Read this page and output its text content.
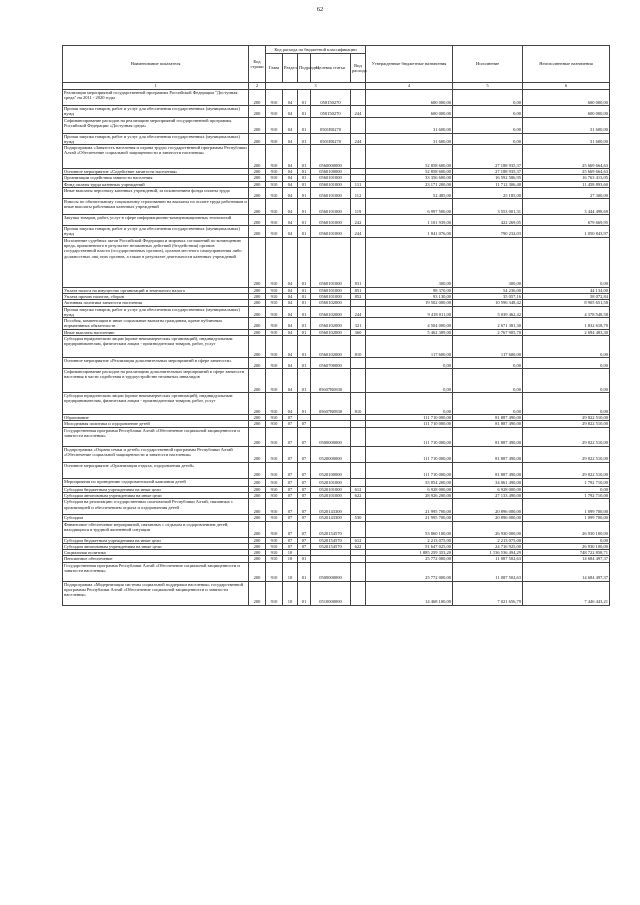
62
Наименование показателя	Код строки	Код расхода по бюджетной классификации					Утвержденные бюджетные назначения	Исполнение	Неисполненные назначения
		Глава	Раздел	Подраздел	Целевая статья	Вид расхода			
1	2	3					4	5	6
Реализация мероприятий государственной программы Российской Федерации "Доступная среда" на 2011 - 2020 годы	200	910	04	01	050150270		600 000,00	0,00	600 000,00
Прочая закупка товаров, работ и услуг для обеспечения государственных (муниципальных) нужд	200	910	04	01	050150270	244	600 000,00	0,00	600 000,00
Софинансирование расходов на реализацию мероприятий государственной программы Российской Федерации «Доступная среда»	200	910	04	01	0501R0270		31 600,00	0,00	31 600,00
Прочая закупка товаров, работ и услуг для обеспечения государственных (муниципальных) нужд	200	910	04	01	0501R0270	244	31 600,00	0,00	31 600,00
Подпрограмма «Занятость населения и охрана труда» государственной программы Республики Алтай «Обеспечение социальной защищенности и занятости населения»	200	910	04	01	0560000000		52 858 600,00	27 188 935,37	25 669 664,63
Основное мероприятие «Содействие занятости населения»	200	910	04	01	0560100000		52 858 600,00	27 188 935,37	25 669 664,63
Организации содействия занятости населения	200	910	04	01	0560101000		33 356 600,00	16 592 586,95	16 763 413,05
Фонд оплаты труда казенных учреждений	200	910	04	01	0560101000	111	23 171 200,00	11 712 306,40	11 458 893,60
Иные выплаты персоналу казенных учреждений, за исключением фонда оплаты труда	200	910	04	01	0560101000	112	52 485,00	25 185,00	27 300,00
Взносы по обязательному социальному страхованию на выплаты по оплате труда работников и иные выплаты работникам казенных учреждений	200	910	04	01	0560101000	119	6 997 500,00	3 553 001,31	3 444 498,69
Закупка товаров, работ, услуг в сфере информационно-коммуникационных технологий	200	910	04	01	0560101000	242	1 101 939,00	422 269,05	679 669,95
Прочая закупка товаров, работ и услуг для обеспечения государственных (муниципальных) нужд	200	910	04	01	0560101000	244	1 841 076,00	790 232,03	1 050 843,97
Исполнение судебных актов Российской Федерации и мировых соглашений по возмещению вреда, причиненного в результате незаконных действий (бездействия) органов государственной власти (государственных органов), органов местного самоуправления либо должностных лиц этих органов, а также в результате деятельности казенных учреждений	200	910	04	01	0560101000	831	300,00	300,00	0,00
Уплата налога на имущество организаций и земельного налога	200	910	04	01	0560101000	851	98 370,00	54 236,00	44 134,00
Уплата прочих налогов, сборов	200	910	04	01	0560101000	852	93 130,00	35 057,16	58 072,84
Активная политика занятости населения	200	910	04	01	0560102000		19 502 000,00	10 596 348,42	8 905 651,58
Прочая закупка товаров, работ и услуг для обеспечения государственных (муниципальных) нужд	200	910	04	01	0560102000	244	9 418 011,00	5 039 462,42	4 378 548,58
Пособия, компенсации и иные социальные выплаты гражданам, кроме публичных нормативных обязательств	200	910	04	01	0560102000	321	4 504 000,00	2 671 381,30	1 832 618,70
Иные выплаты населению	200	910	04	01	0560102000	360	5 462 389,00	2 767 905,70	2 694 483,30
Субсидии юридическим лицам (кроме некоммерческих организаций), индивидуальным предпринимателям, физическим лицам - производителям товаров, работ, услуг	200	910	04	01	0560102000	810	117 600,00	117 600,00	0,00
Основное мероприятие «Реализация дополнительных мероприятий в сфере занятости»	200	910	04	01	0560700000		0,00	0,00	0,00
Софинансирование расходов на реализацию дополнительных мероприятий в сфере занятости населения в части содействия в трудоустройстве незанятых инвалидов	200	910	04	01	05607R0830		0,00	0,00	0,00
Субсидии юридическим лицам (кроме некоммерческих организаций), индивидуальным предпринимателям, физическим лицам - производителям товаров, работ, услуг	200	910	04	01	05607R0830	810	0,00	0,00	0,00
Образование	200	910	07				111 710 000,00	81 887 490,00	29 822 510,00
Молодежная политика и оздоровление детей	200	910	07	07			111 710 000,00	81 887 490,00	29 822 510,00
Государственная программа Республики Алтай «Обеспечение социальной защищенности и занятости населения»	200	910	07	07	0500000000		111 710 000,00	81 887 490,00	29 822 510,00
Подпрограмма «Охрана семьи и детей» государственной программы Республики Алтай «Обеспечение социальной защищенности и занятости населения»	200	910	07	07	0520000000		111 710 000,00	81 887 490,00	29 822 510,00
Основное мероприятие «Организация отдыха, оздоровления детей»	200	910	07	07	0520100000		111 710 000,00	81 887 490,00	29 822 510,00
Мероприятия по проведению оздоровительной кампании детей	200	910	07	07	0520101000		35 854 200,00	34 061 490,00	1 792 710,00
Субсидии бюджетным учреждениям на иные цели	200	910	07	07	0520101000	612	6 928 000,00	6 928 000,00	0,00
Субсидии автономным учреждениям на иные цели	200	910	07	07	0520101000	622	28 926 200,00	27 133 490,00	1 792 710,00
Субсидии на реализацию государственных полномочий Республики Алтай, связанных с организацией и обеспечением отдыха и оздоровления детей	200	910	07	07	0520143300		21 995 700,00	20 896 000,00	1 099 700,00
Субсидии	200	910	07	07	0520143300	530	21 995 700,00	20 896 000,00	1 099 700,00
Финансовое обеспечение мероприятий, связанных с отдыхом и оздоровлением детей, находящихся в трудной жизненной ситуации	200	910	07	07	0520154570		53 860 100,00	26 930 000,00	26 930 100,00
Субсидии бюджетным учреждениям на иные цели	200	910	07	07	0520154570	612	2 213 075,00	2 213 075,00	0,00
Субсидии автономным учреждениям на иные цели	200	910	07	07	0520154570	622	51 647 025,00	24 716 925,00	26 930 100,00
Социальная политика	200	910	10				1 885 259 353,20	1 136 536 494,29	748 722 858,71
Пенсионное обеспечение	200	910	10	01			25 772 000,00	11 087 502,63	14 684 497,37
Государственная программа Республики Алтай «Обеспечение социальной защищенности и занятости населения»	200	910	10	01	0500000000		25 772 000,00	11 087 502,63	14 684 497,37
Подпрограмма «Модернизация системы социальной поддержки населения» государственной программы Республики Алтай «Обеспечение социальной защищенности и занятости населения»	200	910	10	01	0510000000		14 468 100,00	7 021 656,79	7 446 443,21
